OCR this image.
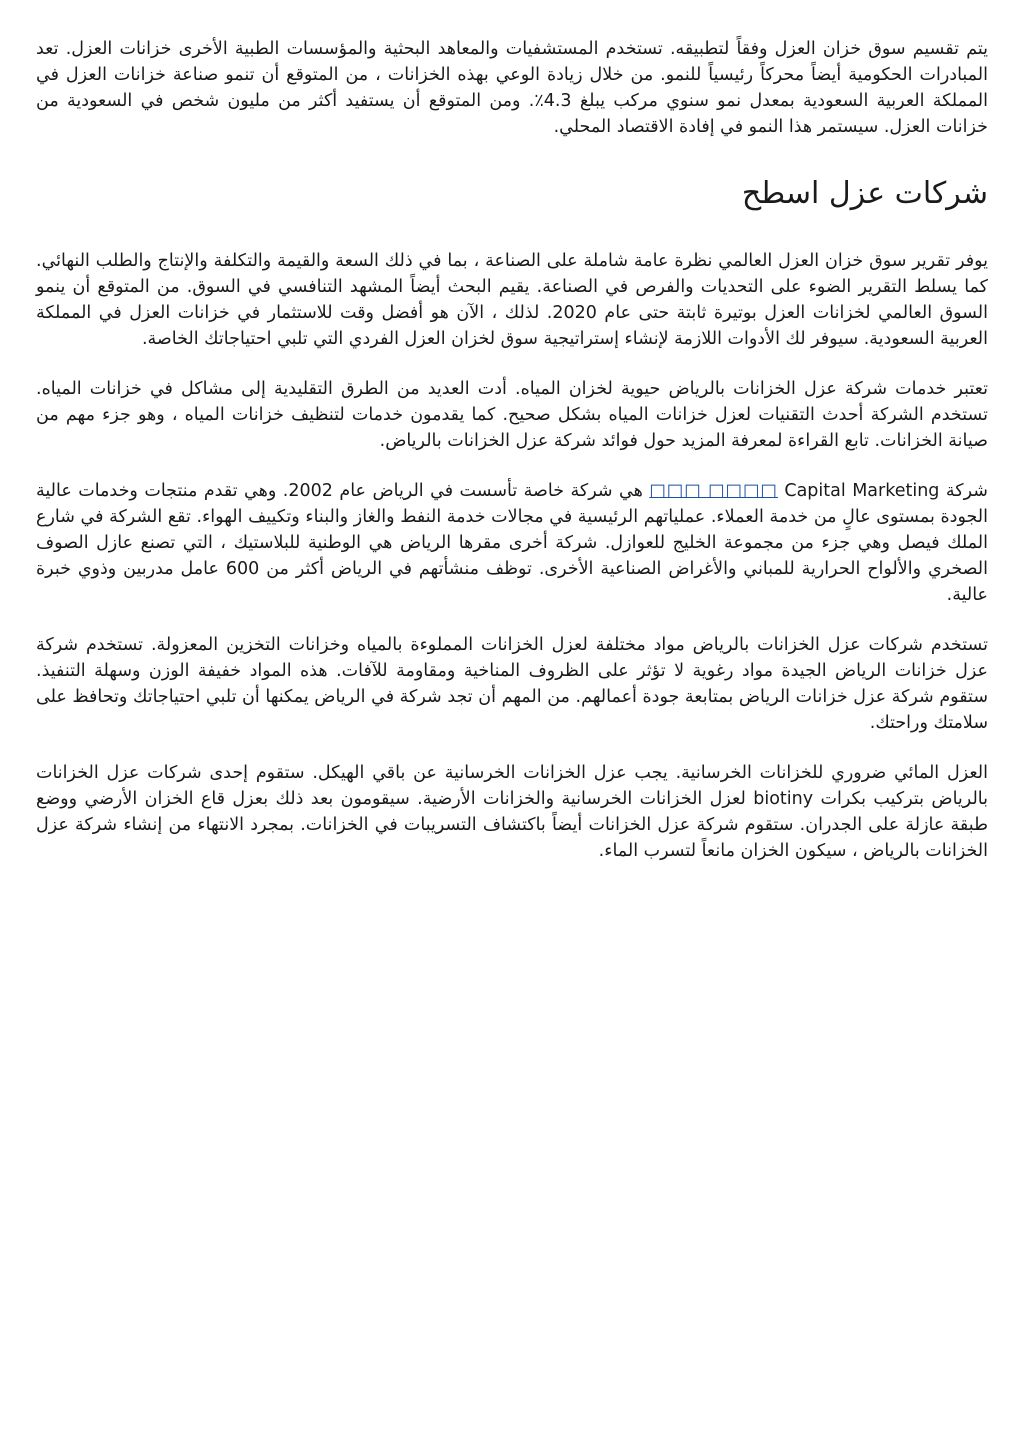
يتم تقسيم سوق خزان العزل وفقاً لتطبيقه. تستخدم المستشفيات والمعاهد البحثية والمؤسسات الطبية الأخرى خزانات العزل. تعد المبادرات الحكومية أيضاً محركاً رئيسياً للنمو. من خلال زيادة الوعي بهذه الخزانات ، من المتوقع أن تنمو صناعة خزانات العزل في المملكة العربية السعودية بمعدل نمو سنوي مركب يبلغ 4.3٪. ومن المتوقع أن يستفيد أكثر من مليون شخص في السعودية من خزانات العزل. سيستمر هذا النمو في إفادة الاقتصاد المحلي.

شركات عزل اسطح

يوفر تقرير سوق خزان العزل العالمي نظرة عامة شاملة على الصناعة ، بما في ذلك السعة والقيمة والتكلفة والإنتاج والطلب النهائي. كما يسلط التقرير الضوء على التحديات والفرص في الصناعة. يقيم البحث أيضاً المشهد التنافسي في السوق. من المتوقع أن ينمو السوق العالمي لخزانات العزل بوتيرة ثابتة حتى عام 2020. لذلك ، الآن هو أفضل وقت للاستثمار في خزانات العزل في المملكة العربية السعودية. سيوفر لك الأدوات اللازمة لإنشاء إستراتيجية سوق لخزان العزل الفردي التي تلبي احتياجاتك الخاصة.

تعتبر خدمات شركة عزل الخزانات بالرياض حيوية لخزان المياه. أدت العديد من الطرق التقليدية إلى مشاكل في خزانات المياه. تستخدم الشركة أحدث التقنيات لعزل خزانات المياه بشكل صحيح. كما يقدمون خدمات لتنظيف خزانات المياه ، وهو جزء مهم من صيانة الخزانات. تابع القراءة لمعرفة المزيد حول فوائد شركة عزل الخزانات بالرياض.

شركة Capital Marketing □□□ □□□□ هي شركة خاصة تأسست في الرياض عام 2002. وهي تقدم منتجات وخدمات عالية الجودة بمستوى عالٍ من خدمة العملاء. عملياتهم الرئيسية في مجالات خدمة النفط والغاز والبناء وتكييف الهواء. تقع الشركة في شارع الملك فيصل وهي جزء من مجموعة الخليج للعوازل. شركة أخرى مقرها الرياض هي الوطنية للبلاستيك ، التي تصنع عازل الصوف الصخري والألواح الحرارية للمباني والأغراض الصناعية الأخرى. توظف منشأتهم في الرياض أكثر من 600 عامل مدربين وذوي خبرة عالية.

تستخدم شركات عزل الخزانات بالرياض مواد مختلفة لعزل الخزانات المملوءة بالمياه وخزانات التخزين المعزولة. تستخدم شركة عزل خزانات الرياض الجيدة مواد رغوية لا تؤثر على الظروف المناخية ومقاومة للآفات. هذه المواد خفيفة الوزن وسهلة التنفيذ. ستقوم شركة عزل خزانات الرياض بمتابعة جودة أعمالهم. من المهم أن تجد شركة في الرياض يمكنها أن تلبي احتياجاتك وتحافظ على سلامتك وراحتك.

العزل المائي ضروري للخزانات الخرسانية. يجب عزل الخزانات الخرسانية عن باقي الهيكل. ستقوم إحدى شركات عزل الخزانات بالرياض بتركيب بكرات biotiny لعزل الخزانات الخرسانية والخزانات الأرضية. سيقومون بعد ذلك بعزل قاع الخزان الأرضي ووضع طبقة عازلة على الجدران. ستقوم شركة عزل الخزانات أيضاً باكتشاف التسريبات في الخزانات. بمجرد الانتهاء من إنشاء شركة عزل الخزانات بالرياض ، سيكون الخزان مانعاً لتسرب الماء.
